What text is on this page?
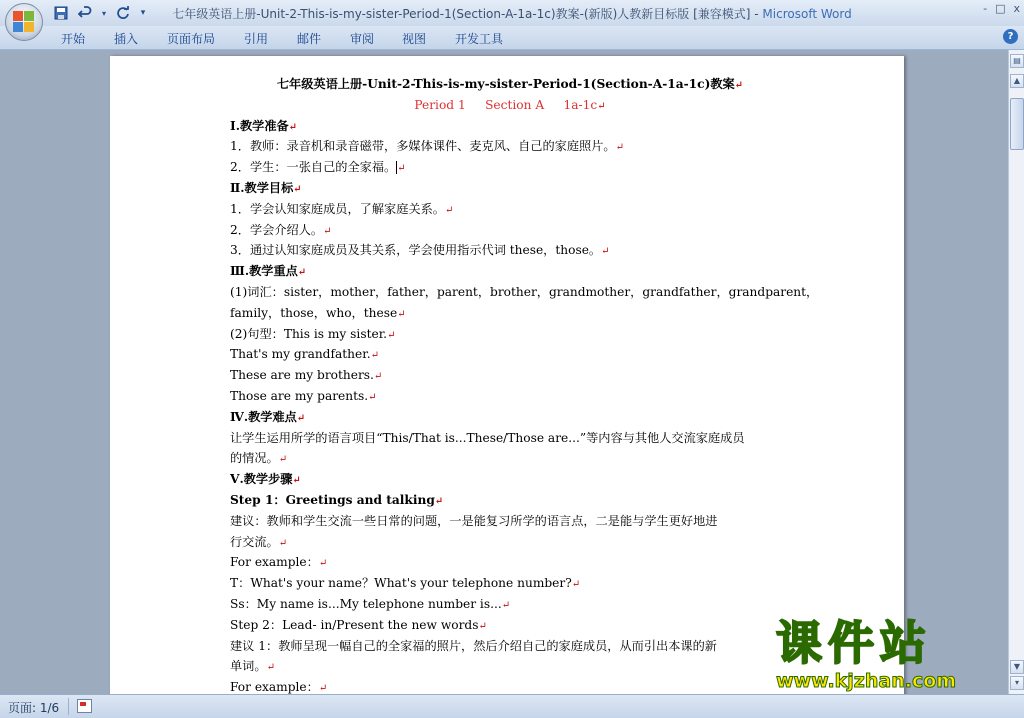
▾	▾	七年级英语上册-Unit-2-This-is-my-sister-Period-1(Section-A-1a-1c)教案-(新版)人教新目标版 [兼容模式] - Microsoft Word	- □ x
开始 插入 页面布局 引用 邮件 审阅 视图 开发工具	?
七年级英语上册-Unit-2-This-is-my-sister-Period-1(Section-A-1a-1c)教案↵
Period 1     Section A     1a-1c↵
Ⅰ.教学准备↵
1．教师：录音机和录音磁带，多媒体课件、麦克风、自己的家庭照片。↵
2．学生：一张自己的全家福。↵
Ⅱ.教学目标↵
1．学会认知家庭成员，了解家庭关系。↵
2．学会介绍人。↵
3．通过认知家庭成员及其关系，学会使用指示代词 these，those。↵
Ⅲ.教学重点↵
(1)词汇：sister，mother，father，parent，brother，grandmother，grandfather，grandparent，
family，those，who，these↵
(2)句型：This is my sister.↵
That's my grandfather.↵
These are my brothers.↵
Those are my parents.↵
Ⅳ.教学难点↵
让学生运用所学的语言项目“This/That is...These/Those are...”等内容与其他人交流家庭成员
的情况。↵
Ⅴ.教学步骤↵
Step 1：Greetings and talking↵
建议：教师和学生交流一些日常的问题，一是能复习所学的语言点，二是能与学生更好地进
行交流。↵
For example：↵
T：What's your name？What's your telephone number?↵
Ss：My name is...My telephone number is...↵
Step 2：Lead- in/Present the new words↵
建议 1：教师呈现一幅自己的全家福的照片，然后介绍自己的家庭成员，从而引出本课的新
单词。↵
For example：↵
▤
▲
▼
▾
页面: 1/6
课件站
www.kjzhan.com
